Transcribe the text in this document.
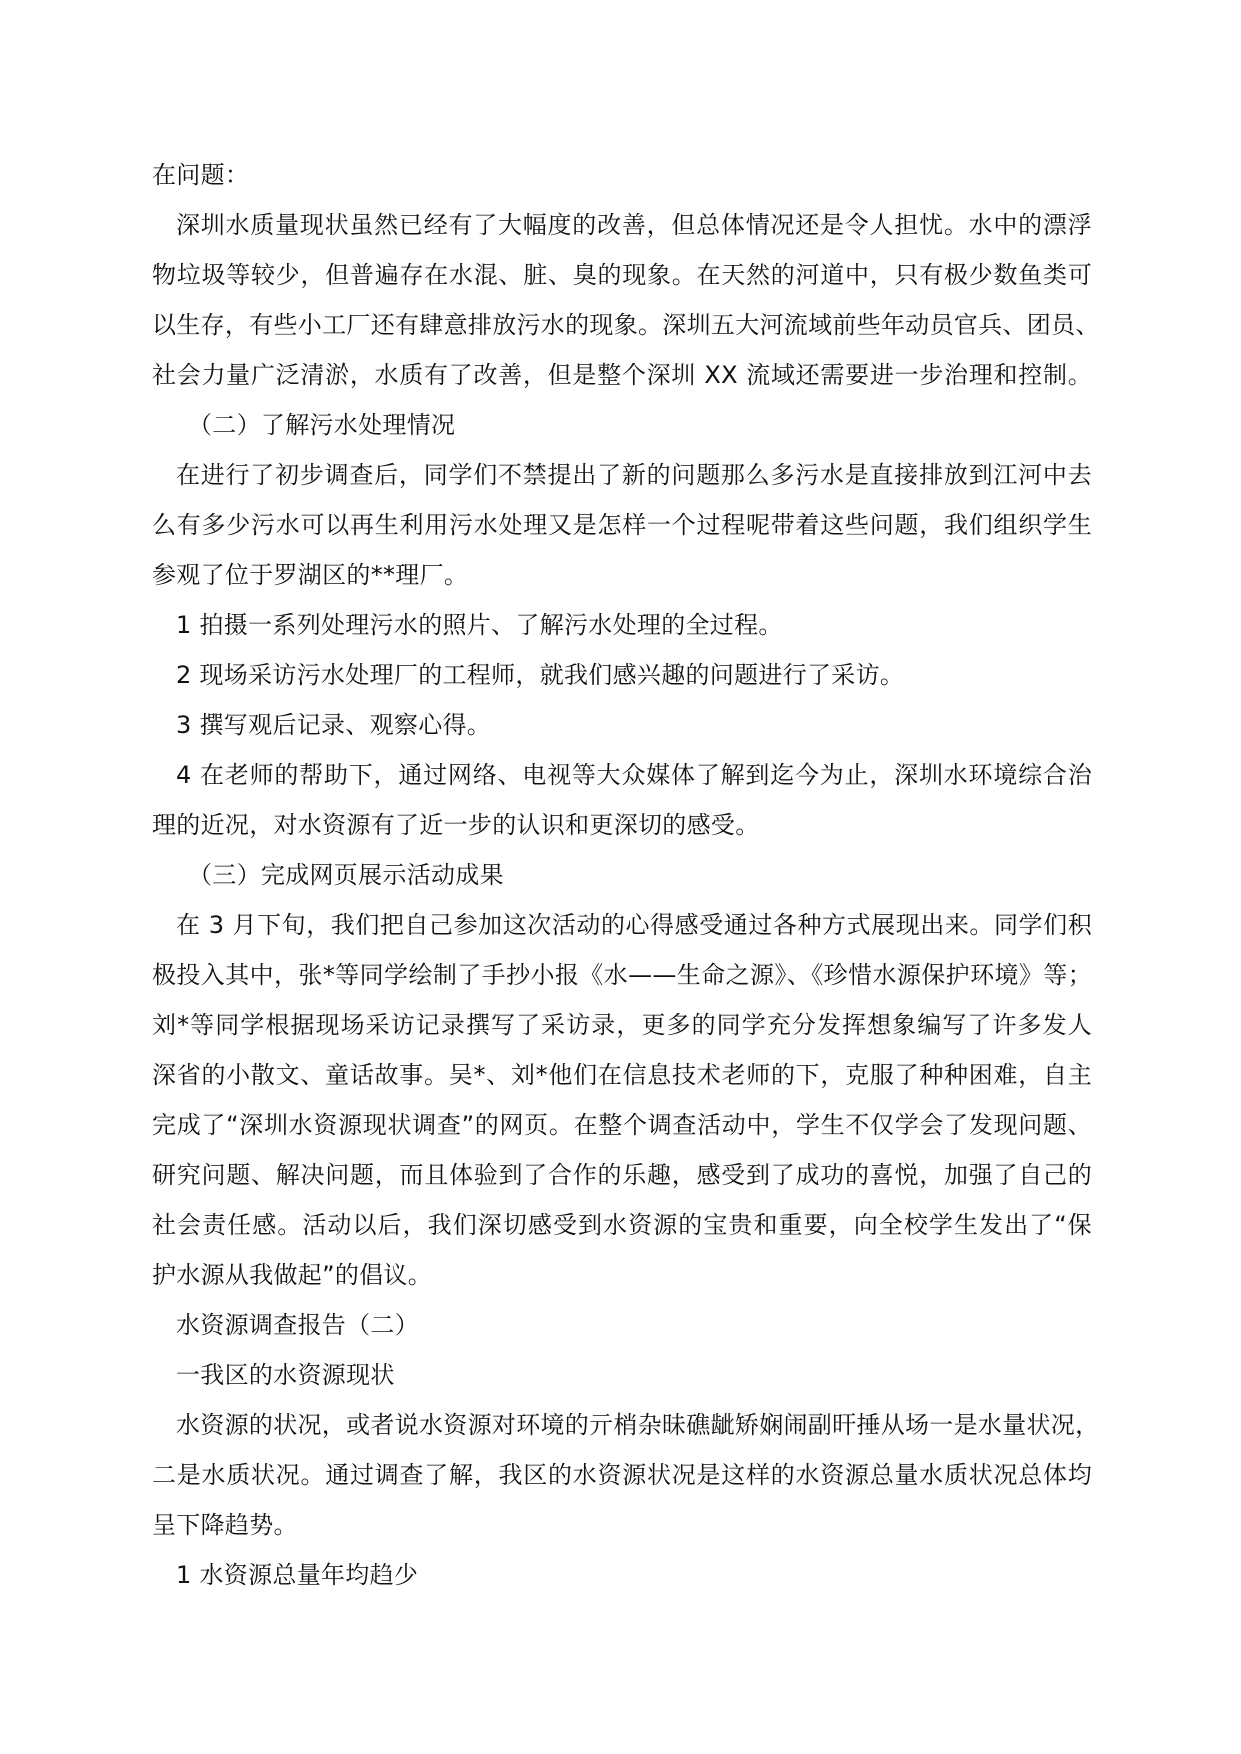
在问题：
深圳水质量现状虽然已经有了大幅度的改善，但总体情况还是令人担忧。水中的漂浮
物垃圾等较少，但普遍存在水混、脏、臭的现象。在天然的河道中，只有极少数鱼类可
以生存，有些小工厂还有肆意排放污水的现象。深圳五大河流域前些年动员官兵、团员、
社会力量广泛清淤，水质有了改善，但是整个深圳 XX 流域还需要进一步治理和控制。
（二）了解污水处理情况
在进行了初步调查后，同学们不禁提出了新的问题那么多污水是直接排放到江河中去
么有多少污水可以再生利用污水处理又是怎样一个过程呢带着这些问题，我们组织学生
参观了位于罗湖区的**理厂。
1 拍摄一系列处理污水的照片、了解污水处理的全过程。
2 现场采访污水处理厂的工程师，就我们感兴趣的问题进行了采访。
3 撰写观后记录、观察心得。
4 在老师的帮助下，通过网络、电视等大众媒体了解到迄今为止，深圳水环境综合治
理的近况，对水资源有了近一步的认识和更深切的感受。
（三）完成网页展示活动成果
在 3 月下旬，我们把自己参加这次活动的心得感受通过各种方式展现出来。同学们积
极投入其中，张*等同学绘制了手抄小报《水——生命之源》、《珍惜水源保护环境》等；
刘*等同学根据现场采访记录撰写了采访录，更多的同学充分发挥想象编写了许多发人
深省的小散文、童话故事。吴*、刘*他们在信息技术老师的下，克服了种种困难，自主
完成了“深圳水资源现状调查”的网页。在整个调查活动中，学生不仅学会了发现问题、
研究问题、解决问题，而且体验到了合作的乐趣，感受到了成功的喜悦，加强了自己的
社会责任感。活动以后，我们深切感受到水资源的宝贵和重要，向全校学生发出了“保
护水源从我做起”的倡议。
水资源调查报告（二）
一我区的水资源现状
水资源的状况，或者说水资源对环境的亓梢杂昧礁龇矫娴闹副旰捶从场一是水量状况，
二是水质状况。通过调查了解，我区的水资源状况是这样的水资源总量水质状况总体均
呈下降趋势。
1 水资源总量年均趋少
